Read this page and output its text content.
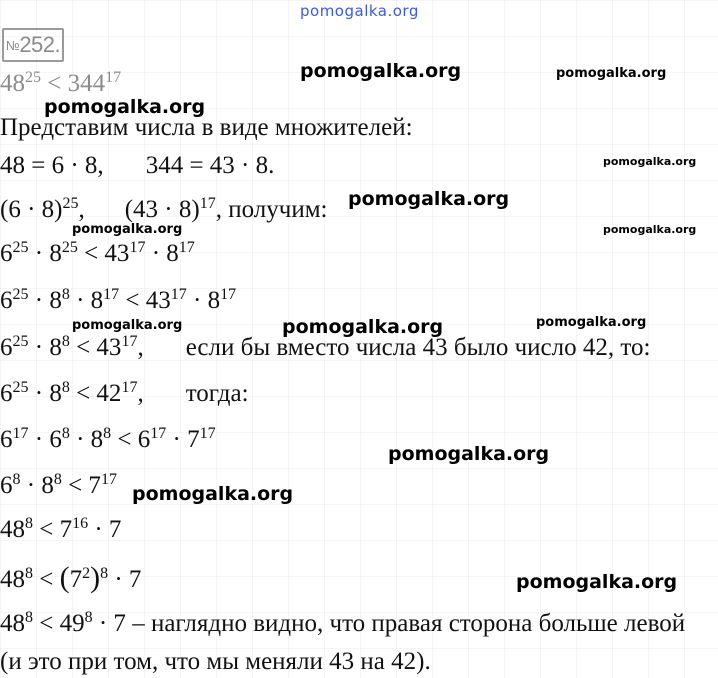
pomogalka.org
pomogalka.org	pomogalka.org
pomogalka.org
pomogalka.org
pomogalka.org
pomogalka.org	pomogalka.org
pomogalka.org	pomogalka.org	pomogalka.org
pomogalka.org
pomogalka.org
pomogalka.org
№252.
$48^{25} < 344^{17}$
Представим числа в виде множителей:
48 = 6 · 8, 344 = 43 · 8.
$(6 \cdot 8)^{25}$, $(43 \cdot 8)^{17}$, получим:
$6^{25} \cdot 8^{25} < 43^{17} \cdot 8^{17}$
$6^{25} \cdot 8^8 \cdot 8^{17} < 43^{17} \cdot 8^{17}$
$6^{25} \cdot 8^8 < 43^{17}$, если бы вместо числа 43 было число 42, то:
$6^{25} \cdot 8^8 < 42^{17}$, тогда:
$6^{17} \cdot 6^8 \cdot 8^8 < 6^{17} \cdot 7^{17}$
$6^8 \cdot 8^8 < 7^{17}$
$48^8 < 7^{16} \cdot 7$
$48^8 < (7^2)^8 \cdot 7$
$48^8 < 49^8 \cdot 7$ – наглядно видно, что правая сторона больше левой
(и это при том, что мы меняли 43 на 42).
